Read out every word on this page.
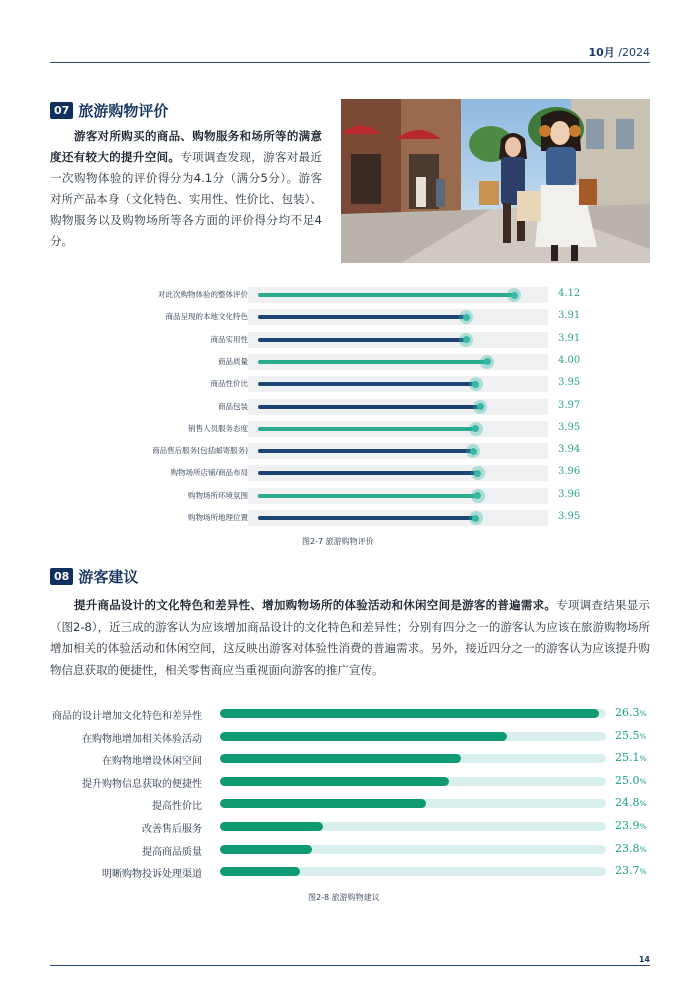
10月 /2024
07 旅游购物评价
游客对所购买的商品、购物服务和场所等的满意度还有较大的提升空间。专项调查发现，游客对最近一次购物体验的评价得分为4.1分（满分5分）。游客对所产品本身（文化特色、实用性、性价比、包装）、购物服务以及购物场所等各方面的评价得分均不足4分。
对此次购物体验的整体评价	4.12
商品呈现的本地文化特色	3.91
商品实用性	3.91
商品质量	4.00
商品性价比	3.95
商品包装	3.97
销售人员服务态度	3.95
商品售后服务(包括邮寄服务)	3.94
购物场所店铺/商品布局	3.96
购物场所环境氛围	3.96
购物场所地理位置	3.95
图2-7 旅游购物评价
08 游客建议
提升商品设计的文化特色和差异性、增加购物场所的体验活动和休闲空间是游客的普遍需求。专项调查结果显示（图2-8），近三成的游客认为应该增加商品设计的文化特色和差异性；分别有四分之一的游客认为应该在旅游购物场所增加相关的体验活动和休闲空间，这反映出游客对体验性消费的普遍需求。另外，接近四分之一的游客认为应该提升购物信息获取的便捷性，相关零售商应当重视面向游客的推广宣传。
商品的设计增加文化特色和差异性	26.3%
在购物地增加相关体验活动	25.5%
在购物地增设休闲空间	25.1%
提升购物信息获取的便捷性	25.0%
提高性价比	24.8%
改善售后服务	23.9%
提高商品质量	23.8%
明晰购物投诉处理渠道	23.7%
图2-8 旅游购物建议
14
